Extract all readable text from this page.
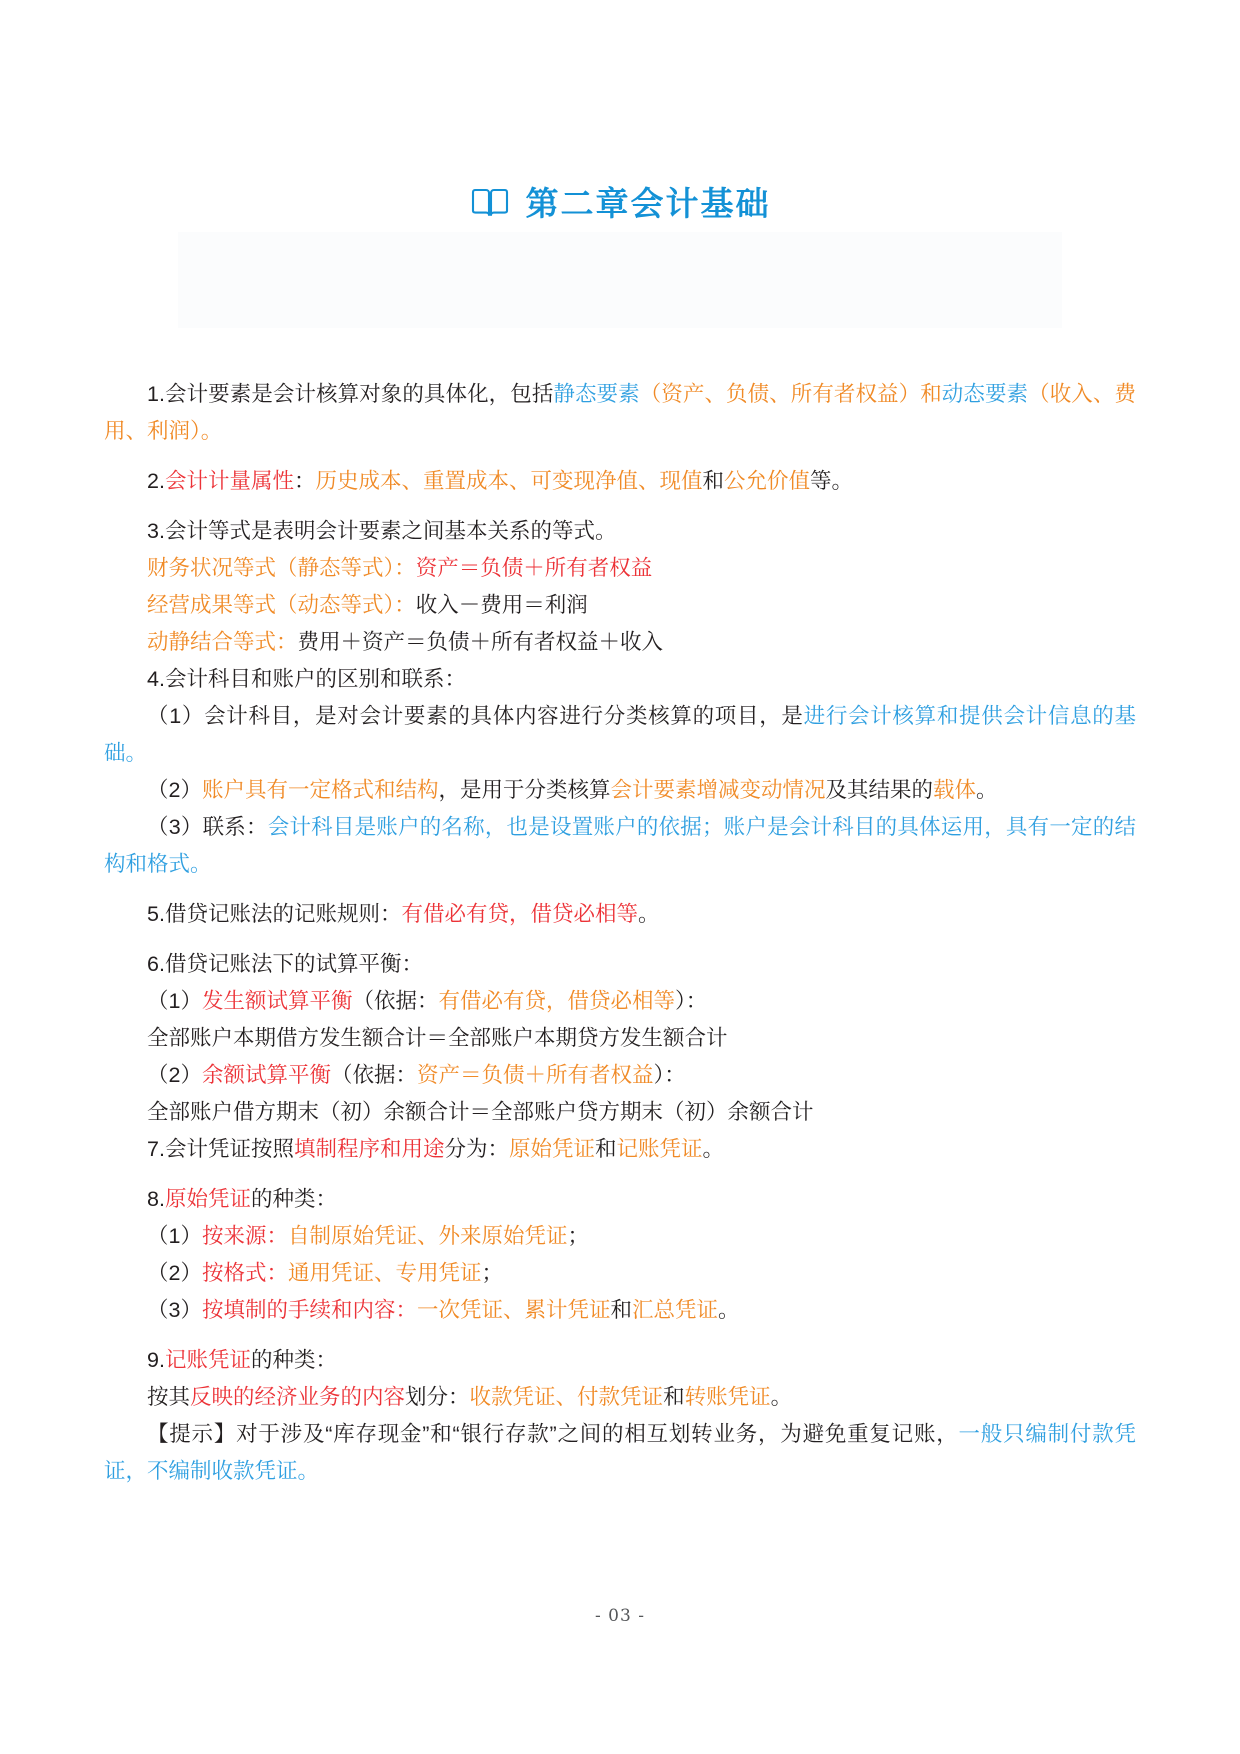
第二章会计基础

1.会计要素是会计核算对象的具体化，包括静态要素（资产、负债、所有者权益）和动态要素（收入、费用、利润）。

2.会计计量属性：历史成本、重置成本、可变现净值、现值和公允价值等。

3.会计等式是表明会计要素之间基本关系的等式。

财务状况等式（静态等式）：资产＝负债＋所有者权益

经营成果等式（动态等式）：收入－费用＝利润

动静结合等式：费用＋资产＝负债＋所有者权益＋收入

4.会计科目和账户的区别和联系：

（1）会计科目，是对会计要素的具体内容进行分类核算的项目，是进行会计核算和提供会计信息的基础。

（2）账户具有一定格式和结构，是用于分类核算会计要素增减变动情况及其结果的载体。

（3）联系：会计科目是账户的名称，也是设置账户的依据；账户是会计科目的具体运用，具有一定的结构和格式。

5.借贷记账法的记账规则：有借必有贷，借贷必相等。

6.借贷记账法下的试算平衡：

（1）发生额试算平衡（依据：有借必有贷，借贷必相等）：

全部账户本期借方发生额合计＝全部账户本期贷方发生额合计

（2）余额试算平衡（依据：资产＝负债＋所有者权益）：

全部账户借方期末（初）余额合计＝全部账户贷方期末（初）余额合计

7.会计凭证按照填制程序和用途分为：原始凭证和记账凭证。

8.原始凭证的种类：

（1）按来源：自制原始凭证、外来原始凭证；

（2）按格式：通用凭证、专用凭证；

（3）按填制的手续和内容：一次凭证、累计凭证和汇总凭证。

9.记账凭证的种类：

按其反映的经济业务的内容划分：收款凭证、付款凭证和转账凭证。

【提示】对于涉及“库存现金”和“银行存款”之间的相互划转业务，为避免重复记账，一般只编制付款凭证，不编制收款凭证。

- 03 -
